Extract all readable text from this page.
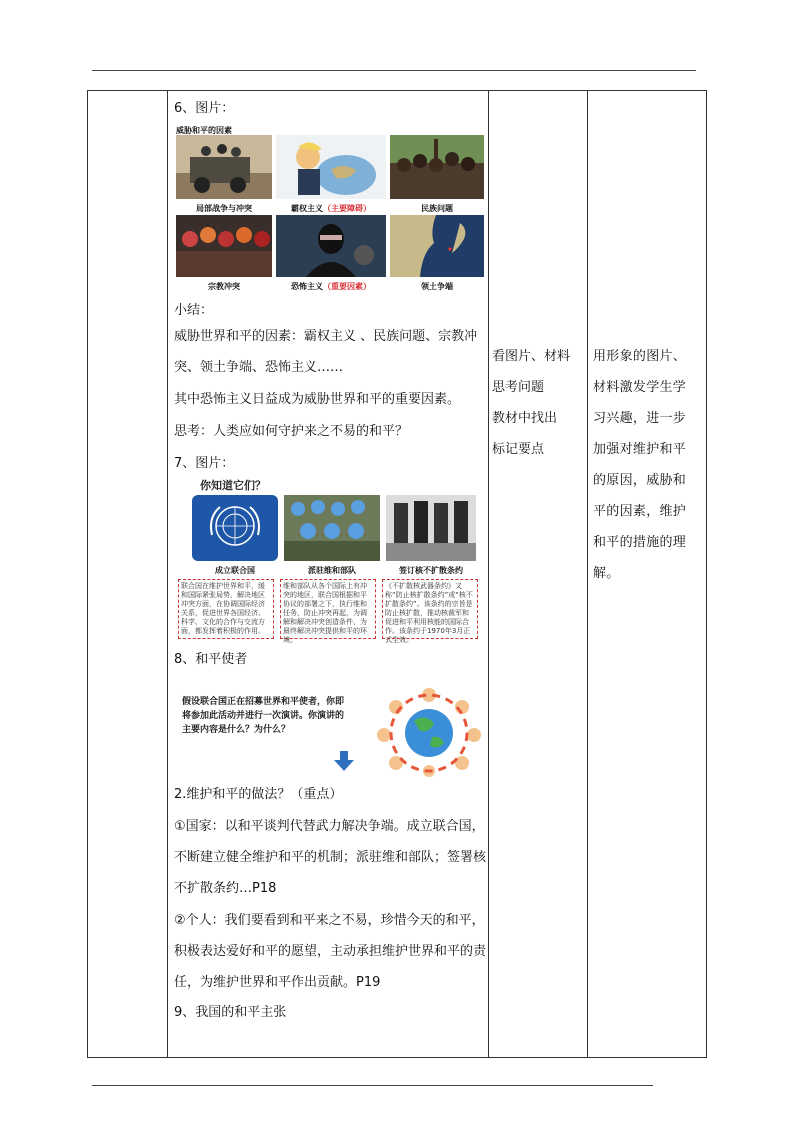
6、图片：
威胁和平的因素
局部战争与冲突	霸权主义（主要障碍）	民族问题
宗教冲突	恐怖主义（重要因素）	领土争端
小结：
威胁世界和平的因素：霸权主义 、民族问题、宗教冲突、领土争端、恐怖主义……
其中恐怖主义日益成为威胁世界和平的重要因素。
思考：人类应如何守护来之不易的和平？
7、图片：
你知道它们？
成立联合国	派驻维和部队	签订核不扩散条约
联合国在维护世界和平，缓和国际紧张局势，解决地区冲突方面，在协调国际经济关系，促进世界各国经济、科学、文化的合作与交流方面，都发挥着积极的作用。
维和部队从各个国际上有冲突的地区，联合国根据和平协议的部署之下，执行维和任务，防止冲突再起，为调解和解决冲突创造条件，为最终解决冲突提供和平的环境。
《不扩散核武器条约》又称“防止核扩散条约”或“核不扩散条约”。该条约的宗旨是防止核扩散，推动核裁军和促进和平利用核能的国际合作。该条约于1970年3月正式生效。
8、和平使者
假设联合国正在招募世界和平使者，你即将参加此活动并进行一次演讲。你演讲的主要内容是什么？为什么？
2.维护和平的做法？（重点）
①国家：以和平谈判代替武力解决争端。成立联合国，不断建立健全维护和平的机制；派驻维和部队；签署核不扩散条约…P18
②个人：我们要看到和平来之不易，珍惜今天的和平，积极表达爱好和平的愿望，主动承担维护世界和平的责任，为维护世界和平作出贡献。P19
9、我国的和平主张
看图片、材料
思考问题
教材中找出
标记要点
用形象的图片、
材料激发学生学
习兴趣，进一步
加强对维护和平
的原因，威胁和
平的因素，维护
和平的措施的理
解。
